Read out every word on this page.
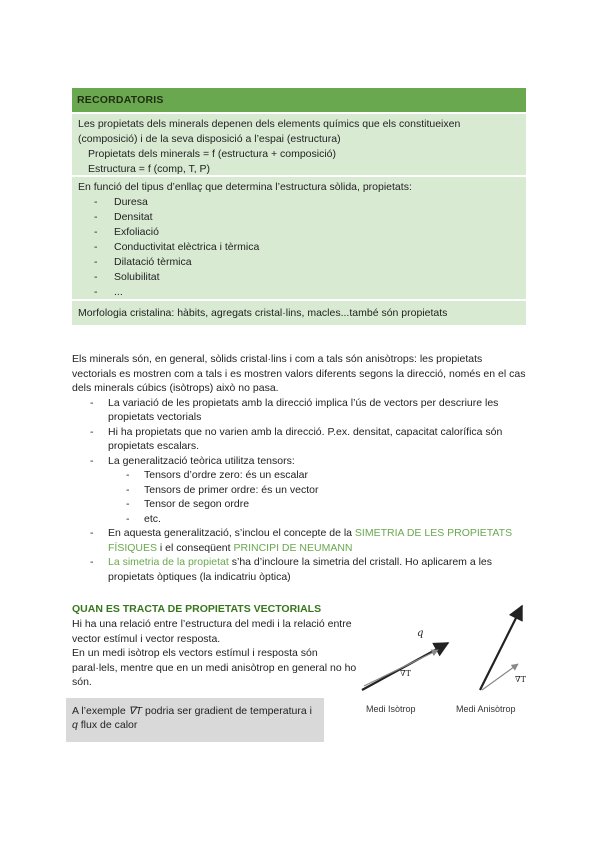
RECORDATORIS
Les propietats dels minerals depenen dels elements químics que els constitueixen
(composició) i de la seva disposició a l’espai (estructura)
Propietats dels minerals = f (estructura + composició)
Estructura = f (comp, T, P)
En funció del tipus d’enllaç que determina l’estructura sòlida, propietats:
- Duresa
- Densitat
- Exfoliació
- Conductivitat elèctrica i tèrmica
- Dilatació tèrmica
- Solubilitat
- ...
Morfologia cristalina: hàbits, agregats cristal·lins, macles...també són propietats
Els minerals són, en general, sòlids cristal·lins i com a tals són anisòtrops: les propietats vectorials es mostren com a tals i es mostren valors diferents segons la direcció, només en el cas dels minerals cúbics (isòtrops) això no pasa.
- La variació de les propietats amb la direcció implica l’ús de vectors per descriure les propietats vectorials
- Hi ha propietats que no varien amb la direcció. P.ex. densitat, capacitat calorífica són propietats escalars.
- La generalització teòrica utilitza tensors:
- Tensors d’ordre zero: és un escalar
- Tensors de primer ordre: és un vector
- Tensor de segon ordre
- etc.
- En aquesta generalització, s’inclou el concepte de la SIMETRIA DE LES PROPIETATS FÍSIQUES i el conseqüent PRINCIPI DE NEUMANN
- La simetria de la propietat s’ha d’incloure la simetria del cristall. Ho aplicarem a les propietats òptiques (la indicatriu òptica)
QUAN ES TRACTA DE PROPIETATS VECTORIALS
Hi ha una relació entre l’estructura del medi i la relació entre vector estímul i vector resposta.
En un medi isòtrop els vectors estímul i resposta són paral·lels, mentre que en un medi anisòtrop en general no ho són.
A l’exemple ∇T podria ser gradient de temperatura i q flux de calor
q
∇T
∇T
Medi Isòtrop	Medi Anisòtrop
